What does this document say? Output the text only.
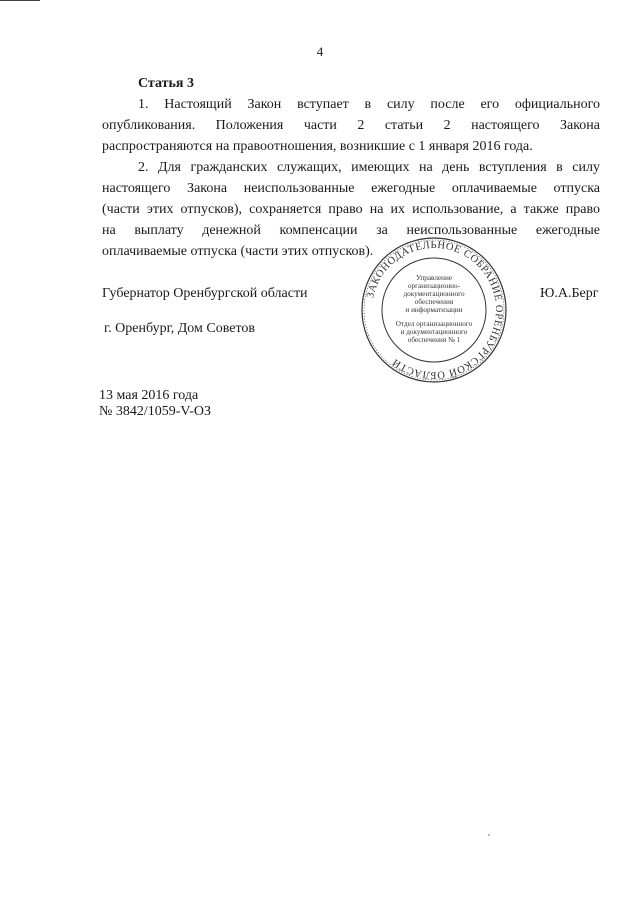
4
Статья 3
1. Настоящий Закон вступает в силу после его официального
опубликования. Положения части 2 статьи 2 настоящего Закона
распространяются на правоотношения, возникшие с 1 января 2016 года.
2. Для гражданских служащих, имеющих на день вступления в силу
настоящего Закона неиспользованные ежегодные оплачиваемые отпуска
(части этих отпусков), сохраняется право на их использование, а также право
на выплату денежной компенсации за неиспользованные ежегодные
оплачиваемые отпуска (части этих отпусков).
Губернатор Оренбургской области	Ю.А.Берг
г. Оренбург, Дом Советов
13 мая 2016 года
№ 3842/1059-V-ОЗ
ЗАКОНОДАТЕЛЬНОЕ СОБРАНИЕ ОРЕНБУРГСКОЙ ОБЛАСТИ
Управление
организационно-
документационного
обеспечения
и информатизации
Отдел организационного
и документационного
обеспечения № 1
